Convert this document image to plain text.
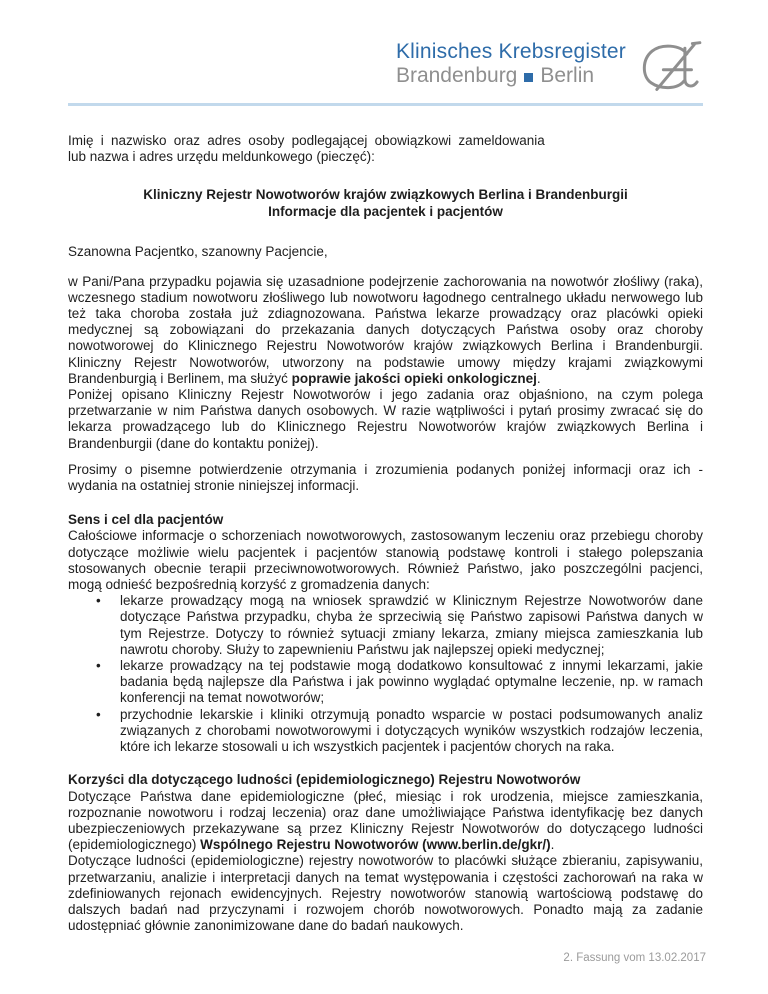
Klinisches Krebsregister
Brandenburg Berlin
Imię i nazwisko oraz adres osoby podlegającej obowiązkowi zameldowania
lub nazwa i adres urzędu meldunkowego (pieczęć):
Kliniczny Rejestr Nowotworów krajów związkowych Berlina i Brandenburgii
Informacje dla pacjentek i pacjentów

Szanowna Pacjentko, szanowny Pacjencie,

w Pani/Pana przypadku pojawia się uzasadnione podejrzenie zachorowania na nowotwór złośliwy (raka), wczesnego stadium nowotworu złośliwego lub nowotworu łagodnego centralnego układu nerwowego lub też taka choroba została już zdiagnozowana. Państwa lekarze prowadzący oraz placówki opieki medycznej są zobowiązani do przekazania danych dotyczących Państwa osoby oraz choroby nowotworowej do Klinicznego Rejestru Nowotworów krajów związkowych Berlina i Brandenburgii. Kliniczny Rejestr Nowotworów, utworzony na podstawie umowy między krajami związkowymi Brandenburgią i Berlinem, ma służyć poprawie jakości opieki onkologicznej.

Poniżej opisano Kliniczny Rejestr Nowotworów i jego zadania oraz objaśniono, na czym polega przetwarzanie w nim Państwa danych osobowych. W razie wątpliwości i pytań prosimy zwracać się do lekarza prowadzącego lub do Klinicznego Rejestru Nowotworów krajów związkowych Berlina i Brandenburgii (dane do kontaktu poniżej).

Prosimy o pisemne potwierdzenie otrzymania i zrozumienia podanych poniżej informacji oraz ich - wydania na ostatniej stronie niniejszej informacji.

Sens i cel dla pacjentów

Całościowe informacje o schorzeniach nowotworowych, zastosowanym leczeniu oraz przebiegu choroby dotyczące możliwie wielu pacjentek i pacjentów stanowią podstawę kontroli i stałego polepszania stosowanych obecnie terapii przeciwnowotworowych. Również Państwo, jako poszczególni pacjenci, mogą odnieść bezpośrednią korzyść z gromadzenia danych:

• lekarze prowadzący mogą na wniosek sprawdzić w Klinicznym Rejestrze Nowotworów dane dotyczące Państwa przypadku, chyba że sprzeciwią się Państwo zapisowi Państwa danych w tym Rejestrze. Dotyczy to również sytuacji zmiany lekarza, zmiany miejsca zamieszkania lub nawrotu choroby. Służy to zapewnieniu Państwu jak najlepszej opieki medycznej;
• lekarze prowadzący na tej podstawie mogą dodatkowo konsultować z innymi lekarzami, jakie badania będą najlepsze dla Państwa i jak powinno wyglądać optymalne leczenie, np. w ramach konferencji na temat nowotworów;
• przychodnie lekarskie i kliniki otrzymują ponadto wsparcie w postaci podsumowanych analiz związanych z chorobami nowotworowymi i dotyczących wyników wszystkich rodzajów leczenia, które ich lekarze stosowali u ich wszystkich pacjentek i pacjentów chorych na raka.

Korzyści dla dotyczącego ludności (epidemiologicznego) Rejestru Nowotworów

Dotyczące Państwa dane epidemiologiczne (płeć, miesiąc i rok urodzenia, miejsce zamieszkania, rozpoznanie nowotworu i rodzaj leczenia) oraz dane umożliwiające Państwa identyfikację bez danych ubezpieczeniowych przekazywane są przez Kliniczny Rejestr Nowotworów do dotyczącego ludności (epidemiologicznego) Wspólnego Rejestru Nowotworów (www.berlin.de/gkr/).

Dotyczące ludności (epidemiologiczne) rejestry nowotworów to placówki służące zbieraniu, zapisywaniu, przetwarzaniu, analizie i interpretacji danych na temat występowania i częstości zachorowań na raka w zdefiniowanych rejonach ewidencyjnych. Rejestry nowotworów stanowią wartościową podstawę do dalszych badań nad przyczynami i rozwojem chorób nowotworowych. Ponadto mają za zadanie udostępniać głównie zanonimizowane dane do badań naukowych.

2. Fassung vom 13.02.2017
